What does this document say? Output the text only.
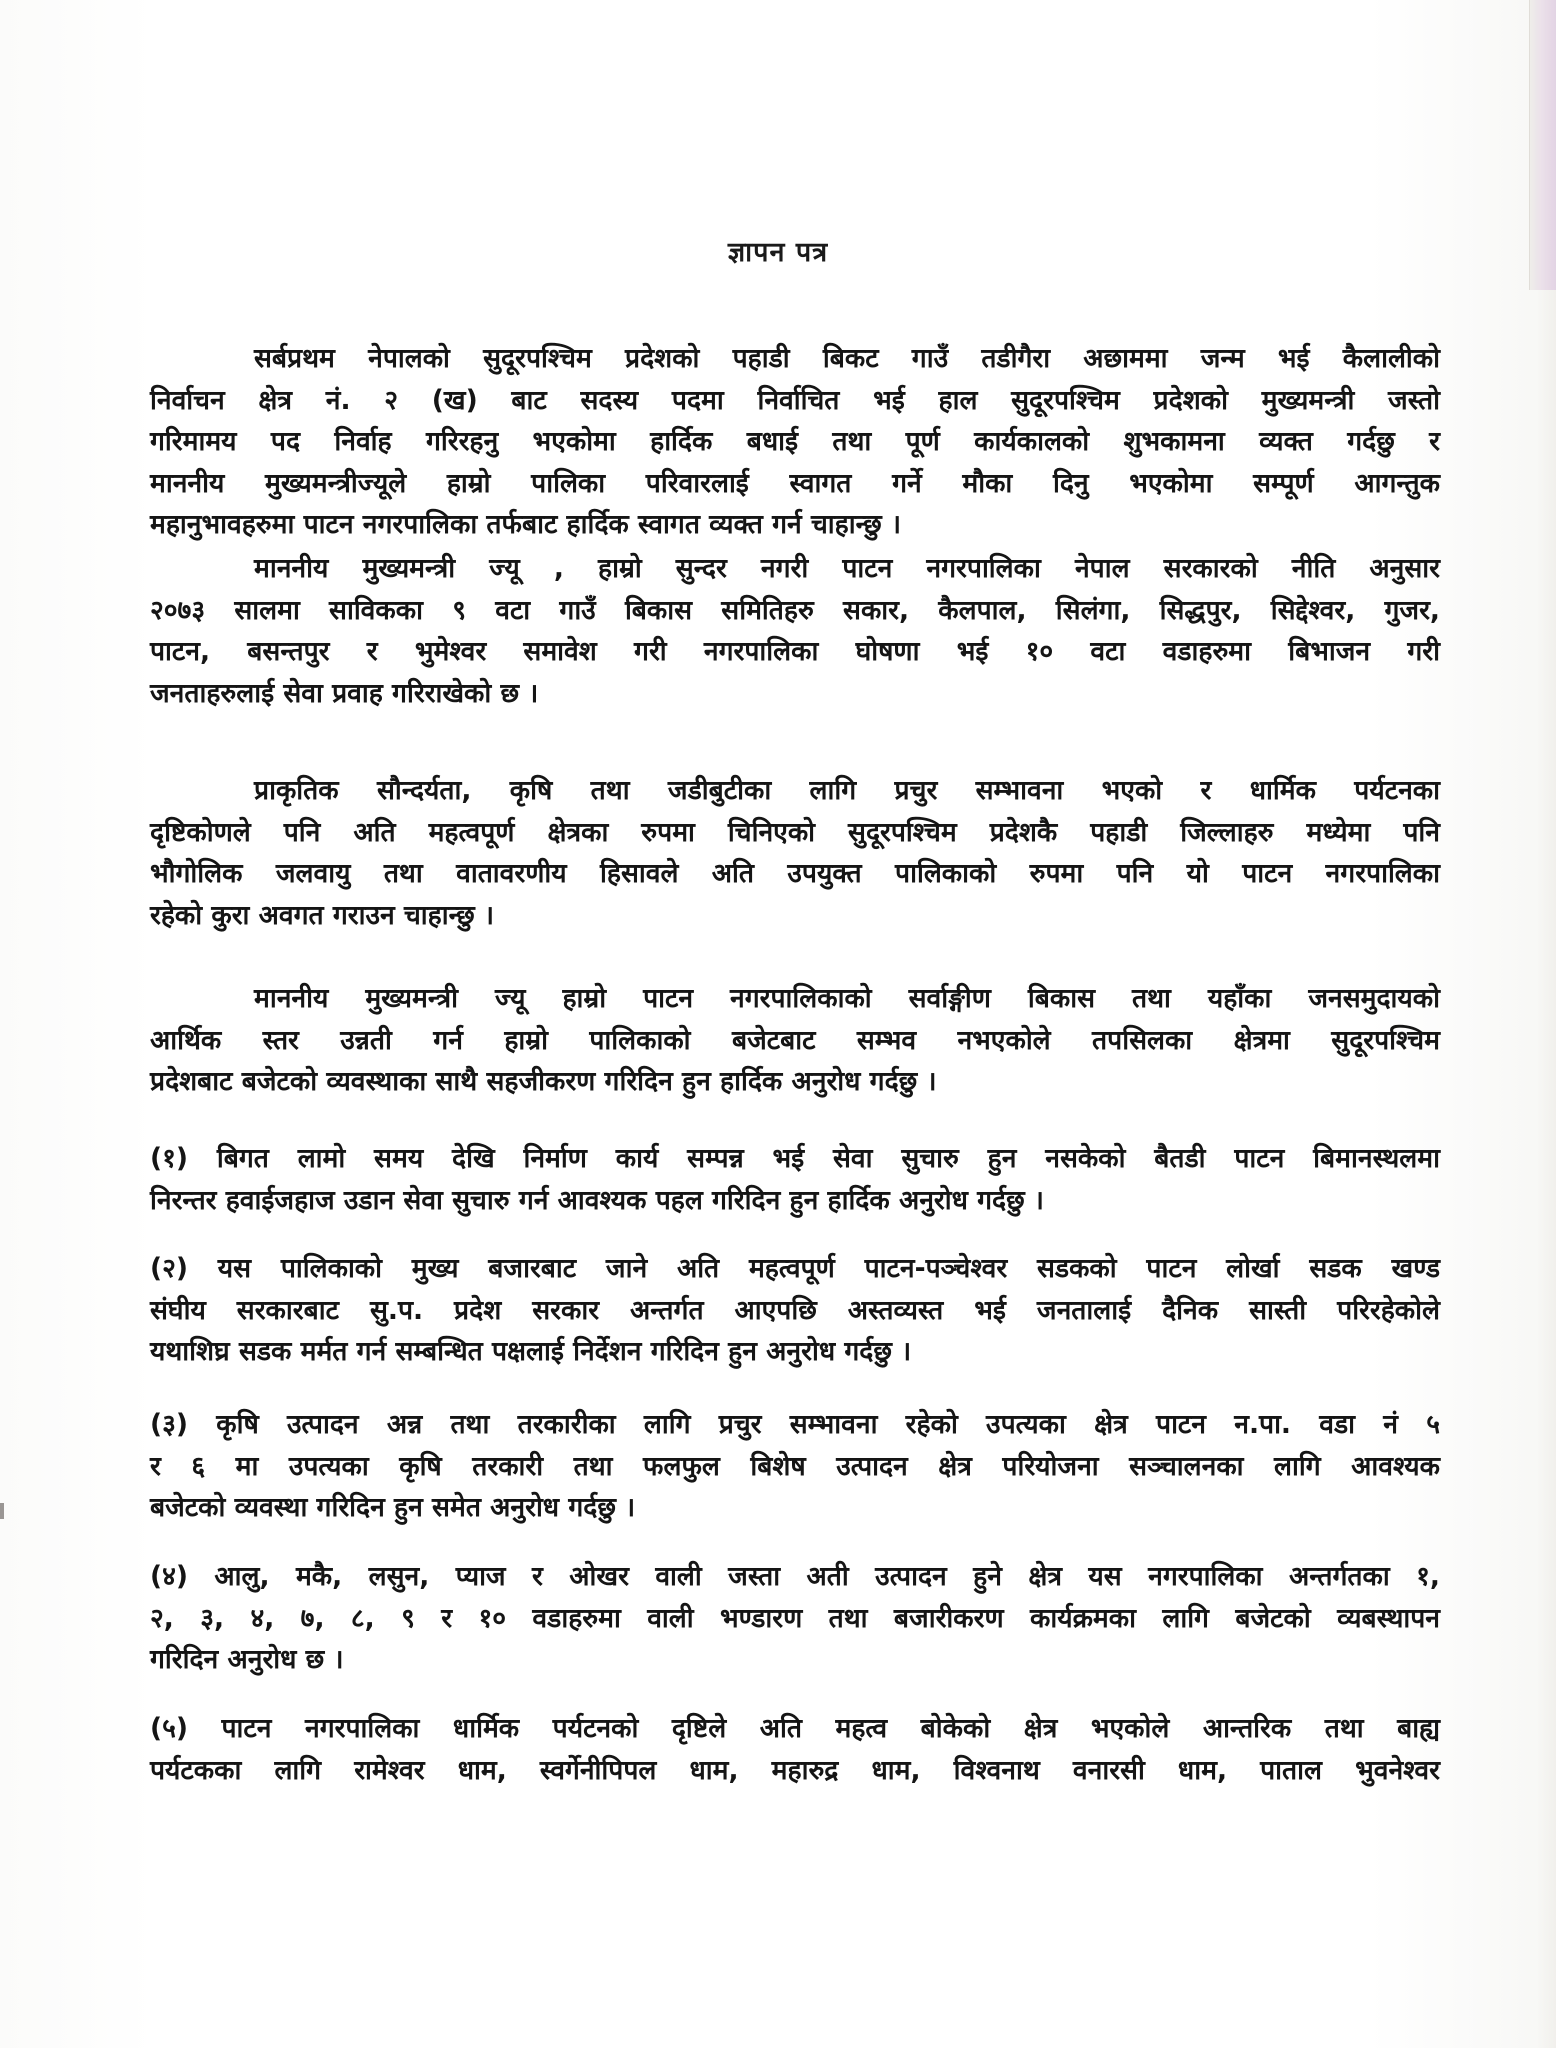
ज्ञापन पत्र
सर्बप्रथम नेपालको सुदूरपश्चिम प्रदेशको पहाडी बिकट गाउँ तडीगैरा अछाममा जन्म भई कैलालीको
निर्वाचन क्षेत्र नं. २ (ख) बाट सदस्य पदमा निर्वाचित भई हाल सुदूरपश्चिम प्रदेशको मुख्यमन्त्री जस्तो
गरिमामय पद निर्वाह गरिरहनु भएकोमा हार्दिक बधाई तथा पूर्ण कार्यकालको शुभकामना व्यक्त गर्दछु र
माननीय मुख्यमन्त्रीज्यूले हाम्रो पालिका परिवारलाई स्वागत गर्ने मौका दिनु भएकोमा सम्पूर्ण आगन्तुक
महानुभावहरुमा पाटन नगरपालिका तर्फबाट हार्दिक स्वागत व्यक्त गर्न चाहान्छु ।
माननीय मुख्यमन्त्री ज्यू , हाम्रो सुन्दर नगरी पाटन नगरपालिका नेपाल सरकारको नीति अनुसार
२०७३ सालमा साविकका ९ वटा गाउँ बिकास समितिहरु सकार, कैलपाल, सिलंगा, सिद्धपुर, सिद्देश्वर, गुजर,
पाटन, बसन्तपुर र भुमेश्वर समावेश गरी नगरपालिका घोषणा भई १० वटा वडाहरुमा बिभाजन गरी
जनताहरुलाई सेवा प्रवाह गरिराखेको छ ।
प्राकृतिक सौन्दर्यता, कृषि तथा जडीबुटीका लागि प्रचुर सम्भावना भएको र धार्मिक पर्यटनका
दृष्टिकोणले पनि अति महत्वपूर्ण क्षेत्रका रुपमा चिनिएको सुदूरपश्चिम प्रदेशकै पहाडी जिल्लाहरु मध्येमा पनि
भौगोलिक जलवायु तथा वातावरणीय हिसावले अति उपयुक्त पालिकाको रुपमा पनि यो पाटन नगरपालिका
रहेको कुरा अवगत गराउन चाहान्छु ।
माननीय मुख्यमन्त्री ज्यू हाम्रो पाटन नगरपालिकाको सर्वाङ्गीण बिकास तथा यहाँका जनसमुदायको
आर्थिक स्तर उन्नती गर्न हाम्रो पालिकाको बजेटबाट सम्भव नभएकोले तपसिलका क्षेत्रमा सुदूरपश्चिम
प्रदेशबाट बजेटको व्यवस्थाका साथै सहजीकरण गरिदिन हुन हार्दिक अनुरोध गर्दछु ।
(१) बिगत लामो समय देखि निर्माण कार्य सम्पन्न भई सेवा सुचारु हुन नसकेको बैतडी पाटन बिमानस्थलमा
निरन्तर हवाईजहाज उडान सेवा सुचारु गर्न आवश्यक पहल गरिदिन हुन हार्दिक अनुरोध गर्दछु ।
(२) यस पालिकाको मुख्य बजारबाट जाने अति महत्वपूर्ण पाटन-पञ्चेश्वर सडकको पाटन लोर्खा सडक खण्ड
संघीय सरकारबाट सु.प. प्रदेश सरकार अन्तर्गत आएपछि अस्तव्यस्त भई जनतालाई दैनिक सास्ती परिरहेकोले
यथाशिघ्र सडक मर्मत गर्न सम्बन्धित पक्षलाई निर्देशन गरिदिन हुन अनुरोध गर्दछु ।
(३) कृषि उत्पादन अन्न तथा तरकारीका लागि प्रचुर सम्भावना रहेको उपत्यका क्षेत्र पाटन न.पा. वडा नं ५
र ६ मा उपत्यका कृषि तरकारी तथा फलफुल बिशेष उत्पादन क्षेत्र परियोजना सञ्चालनका लागि आवश्यक
बजेटको व्यवस्था गरिदिन हुन समेत अनुरोध गर्दछु ।
(४) आलु, मकै, लसुन, प्याज र ओखर वाली जस्ता अती उत्पादन हुने क्षेत्र यस नगरपालिका अन्तर्गतका १,
२, ३, ४, ७, ८, ९ र १० वडाहरुमा वाली भण्डारण तथा बजारीकरण कार्यक्रमका लागि बजेटको व्यबस्थापन
गरिदिन अनुरोध छ ।
(५) पाटन नगरपालिका धार्मिक पर्यटनको दृष्टिले अति महत्व बोकेको क्षेत्र भएकोले आन्तरिक तथा बाह्य
पर्यटकका लागि रामेश्वर धाम, स्वर्गेनीपिपल धाम, महारुद्र धाम, विश्वनाथ वनारसी धाम, पाताल भुवनेश्वर
